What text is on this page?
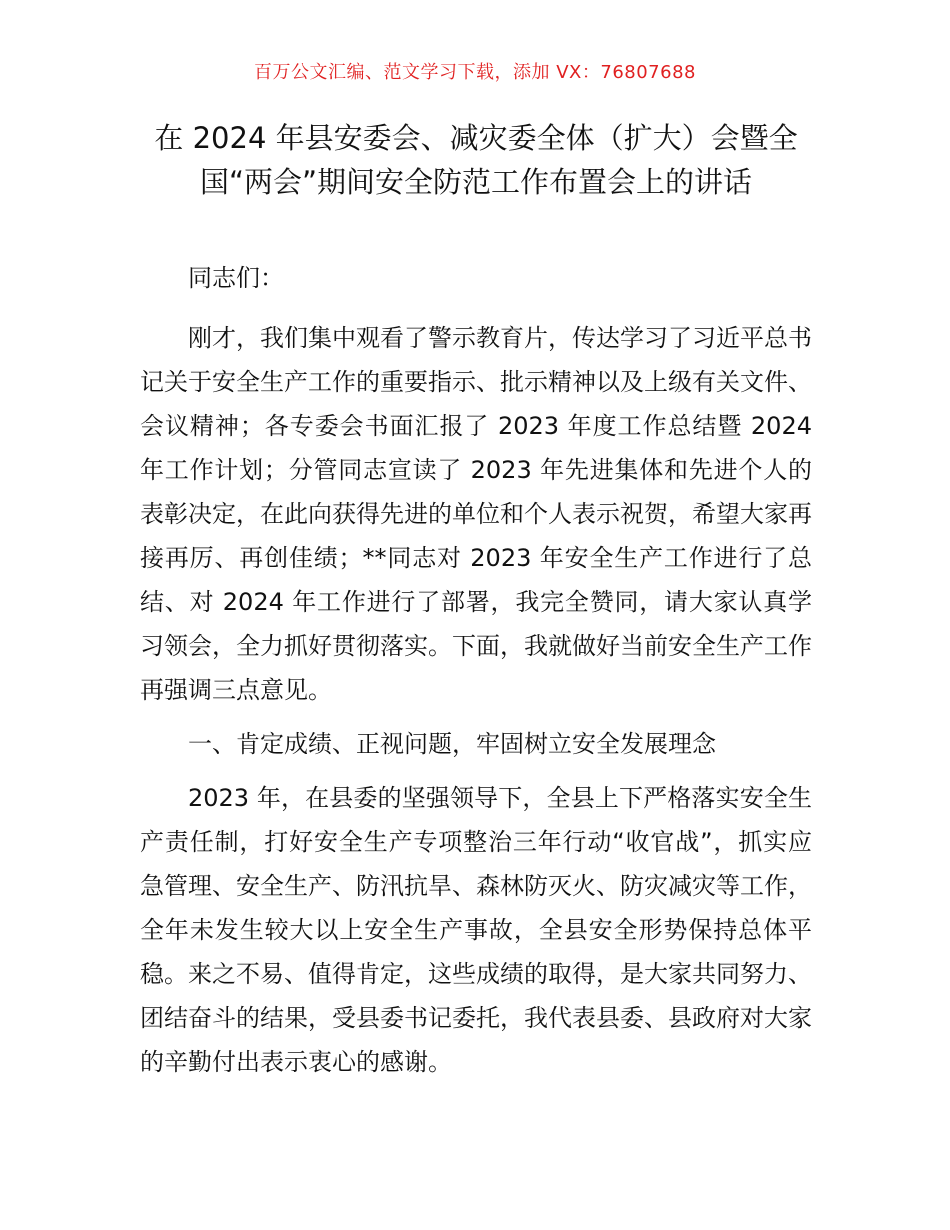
百万公文汇编、范文学习下载，添加 VX：76807688
在 2024 年县安委会、减灾委全体（扩大）会暨全国“两会”期间安全防范工作布置会上的讲话

同志们：

刚才，我们集中观看了警示教育片，传达学习了习近平总书记关于安全生产工作的重要指示、批示精神以及上级有关文件、会议精神；各专委会书面汇报了 2023 年度工作总结暨 2024 年工作计划；分管同志宣读了 2023 年先进集体和先进个人的表彰决定，在此向获得先进的单位和个人表示祝贺，希望大家再接再厉、再创佳绩；**同志对 2023 年安全生产工作进行了总结、对 2024 年工作进行了部署，我完全赞同，请大家认真学习领会，全力抓好贯彻落实。下面，我就做好当前安全生产工作再强调三点意见。

一、肯定成绩、正视问题，牢固树立安全发展理念

2023 年，在县委的坚强领导下，全县上下严格落实安全生产责任制，打好安全生产专项整治三年行动“收官战”，抓实应急管理、安全生产、防汛抗旱、森林防灭火、防灾减灾等工作，全年未发生较大以上安全生产事故，全县安全形势保持总体平稳。来之不易、值得肯定，这些成绩的取得，是大家共同努力、团结奋斗的结果，受县委书记委托，我代表县委、县政府对大家的辛勤付出表示衷心的感谢。
